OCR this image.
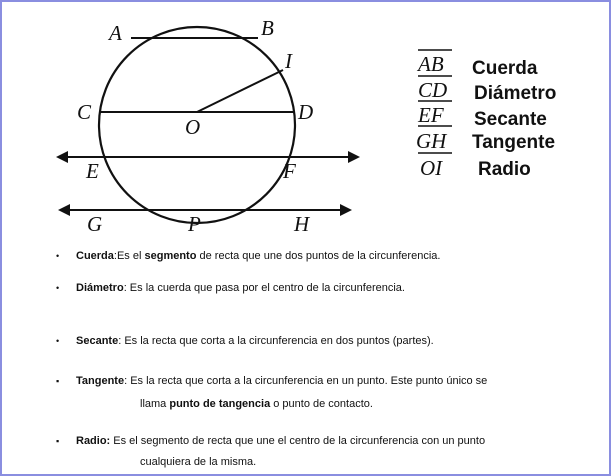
A	B
I
C
O
D
E	F
G	P	H
AB Cuerda
CD Diámetro
EF Secante
GH Tangente
OI Radio
• Cuerda:Es el segmento de recta que une dos puntos de la circunferencia.
• Diámetro: Es la cuerda que pasa por el centro de la circunferencia.
• Secante: Es la recta que corta a la circunferencia en dos puntos (partes).
▪ Tangente: Es la recta que corta a la circunferencia en un punto. Este punto único se
llama punto de tangencia o punto de contacto.
▪ Radio: Es el segmento de recta que une el centro de la circunferencia con un punto
cualquiera de la misma.
